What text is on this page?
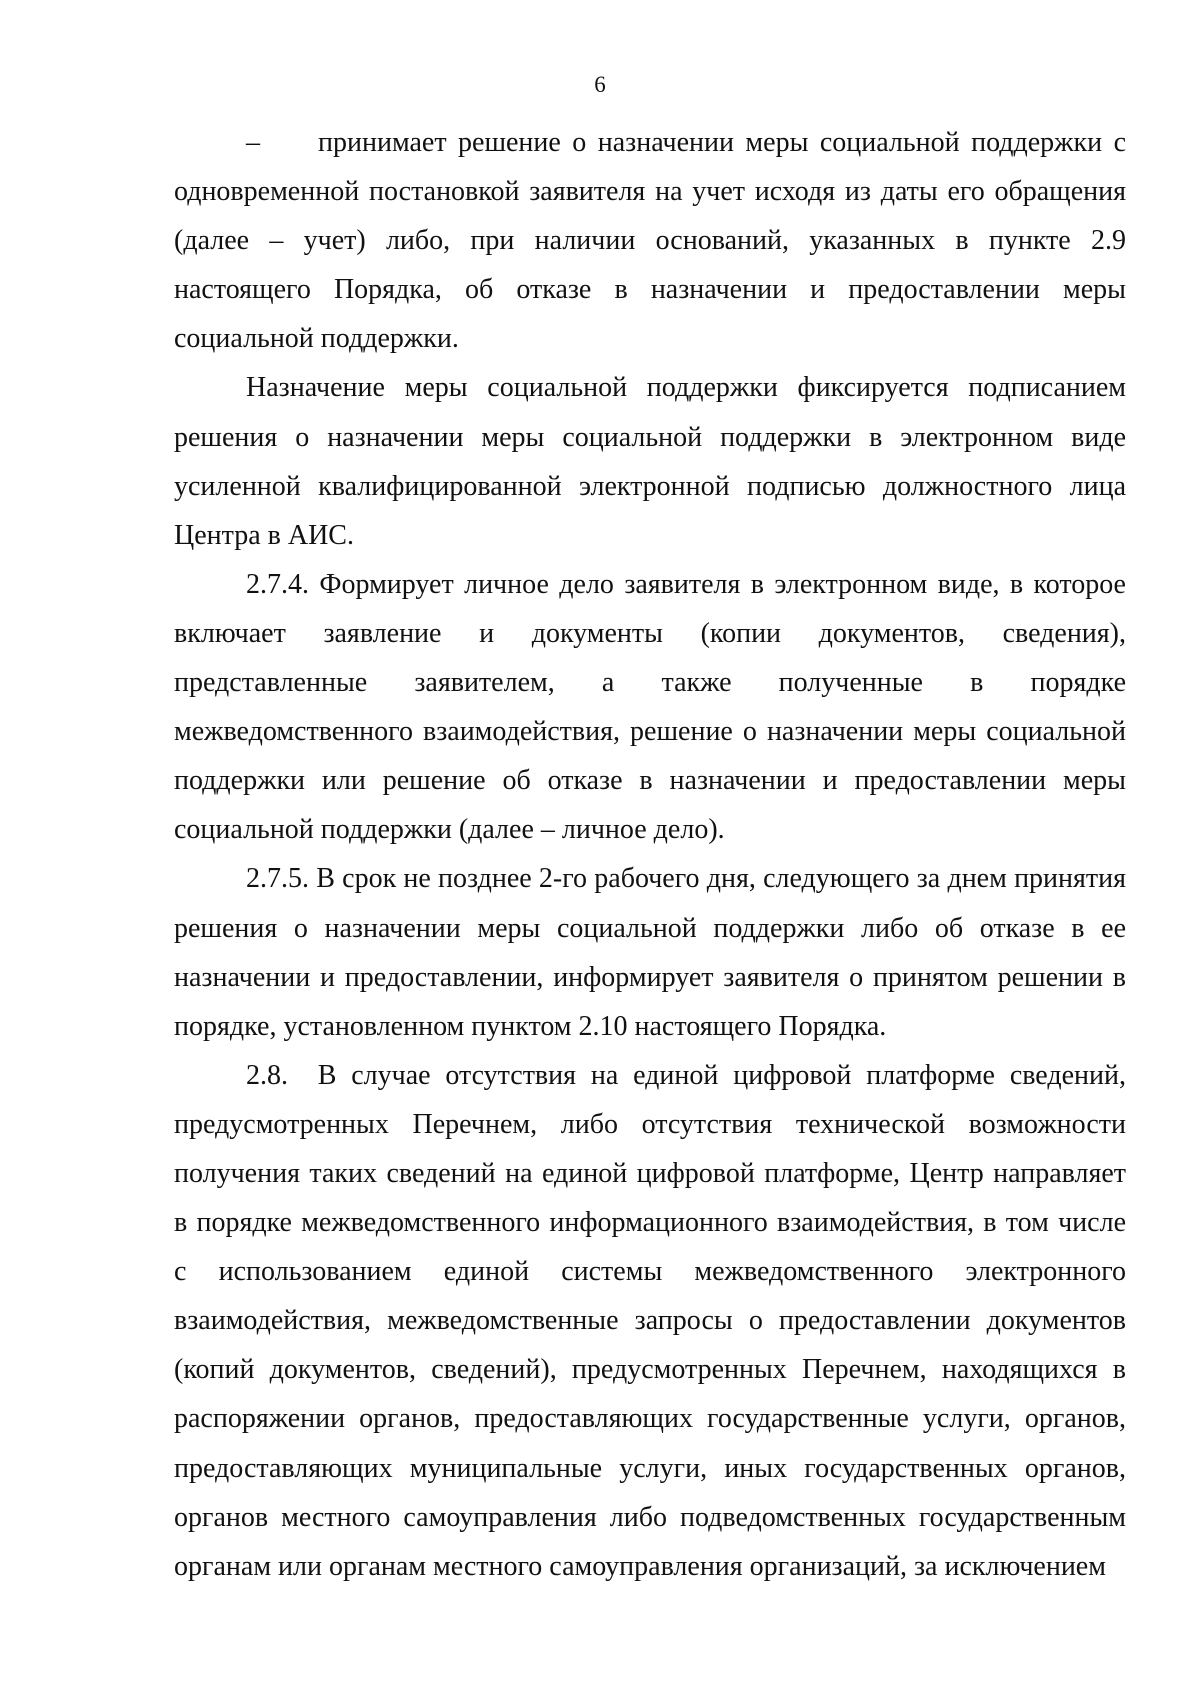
6

– принимает решение о назначении меры социальной поддержки с одновременной постановкой заявителя на учет исходя из даты его обращения (далее – учет) либо, при наличии оснований, указанных в пункте 2.9 настоящего Порядка, об отказе в назначении и предоставлении меры социальной поддержки.

Назначение меры социальной поддержки фиксируется подписанием решения о назначении меры социальной поддержки в электронном виде усиленной квалифицированной электронной подписью должностного лица Центра в АИС.

2.7.4. Формирует личное дело заявителя в электронном виде, в которое включает заявление и документы (копии документов, сведения), представленные заявителем, а также полученные в порядке межведомственного взаимодействия, решение о назначении меры социальной поддержки или решение об отказе в назначении и предоставлении меры социальной поддержки (далее – личное дело).

2.7.5. В срок не позднее 2-го рабочего дня, следующего за днем принятия решения о назначении меры социальной поддержки либо об отказе в ее назначении и предоставлении, информирует заявителя о принятом решении в порядке, установленном пунктом 2.10 настоящего Порядка.

2.8.  В случае отсутствия на единой цифровой платформе сведений, предусмотренных Перечнем, либо отсутствия технической возможности получения таких сведений на единой цифровой платформе, Центр направляет в порядке межведомственного информационного взаимодействия, в том числе с использованием единой системы межведомственного электронного взаимодействия, межведомственные запросы о предоставлении документов (копий документов, сведений), предусмотренных Перечнем, находящихся в распоряжении органов, предоставляющих государственные услуги, органов, предоставляющих муниципальные услуги, иных государственных органов, органов местного самоуправления либо подведомственных государственным органам или органам местного самоуправления организаций, за исключением
